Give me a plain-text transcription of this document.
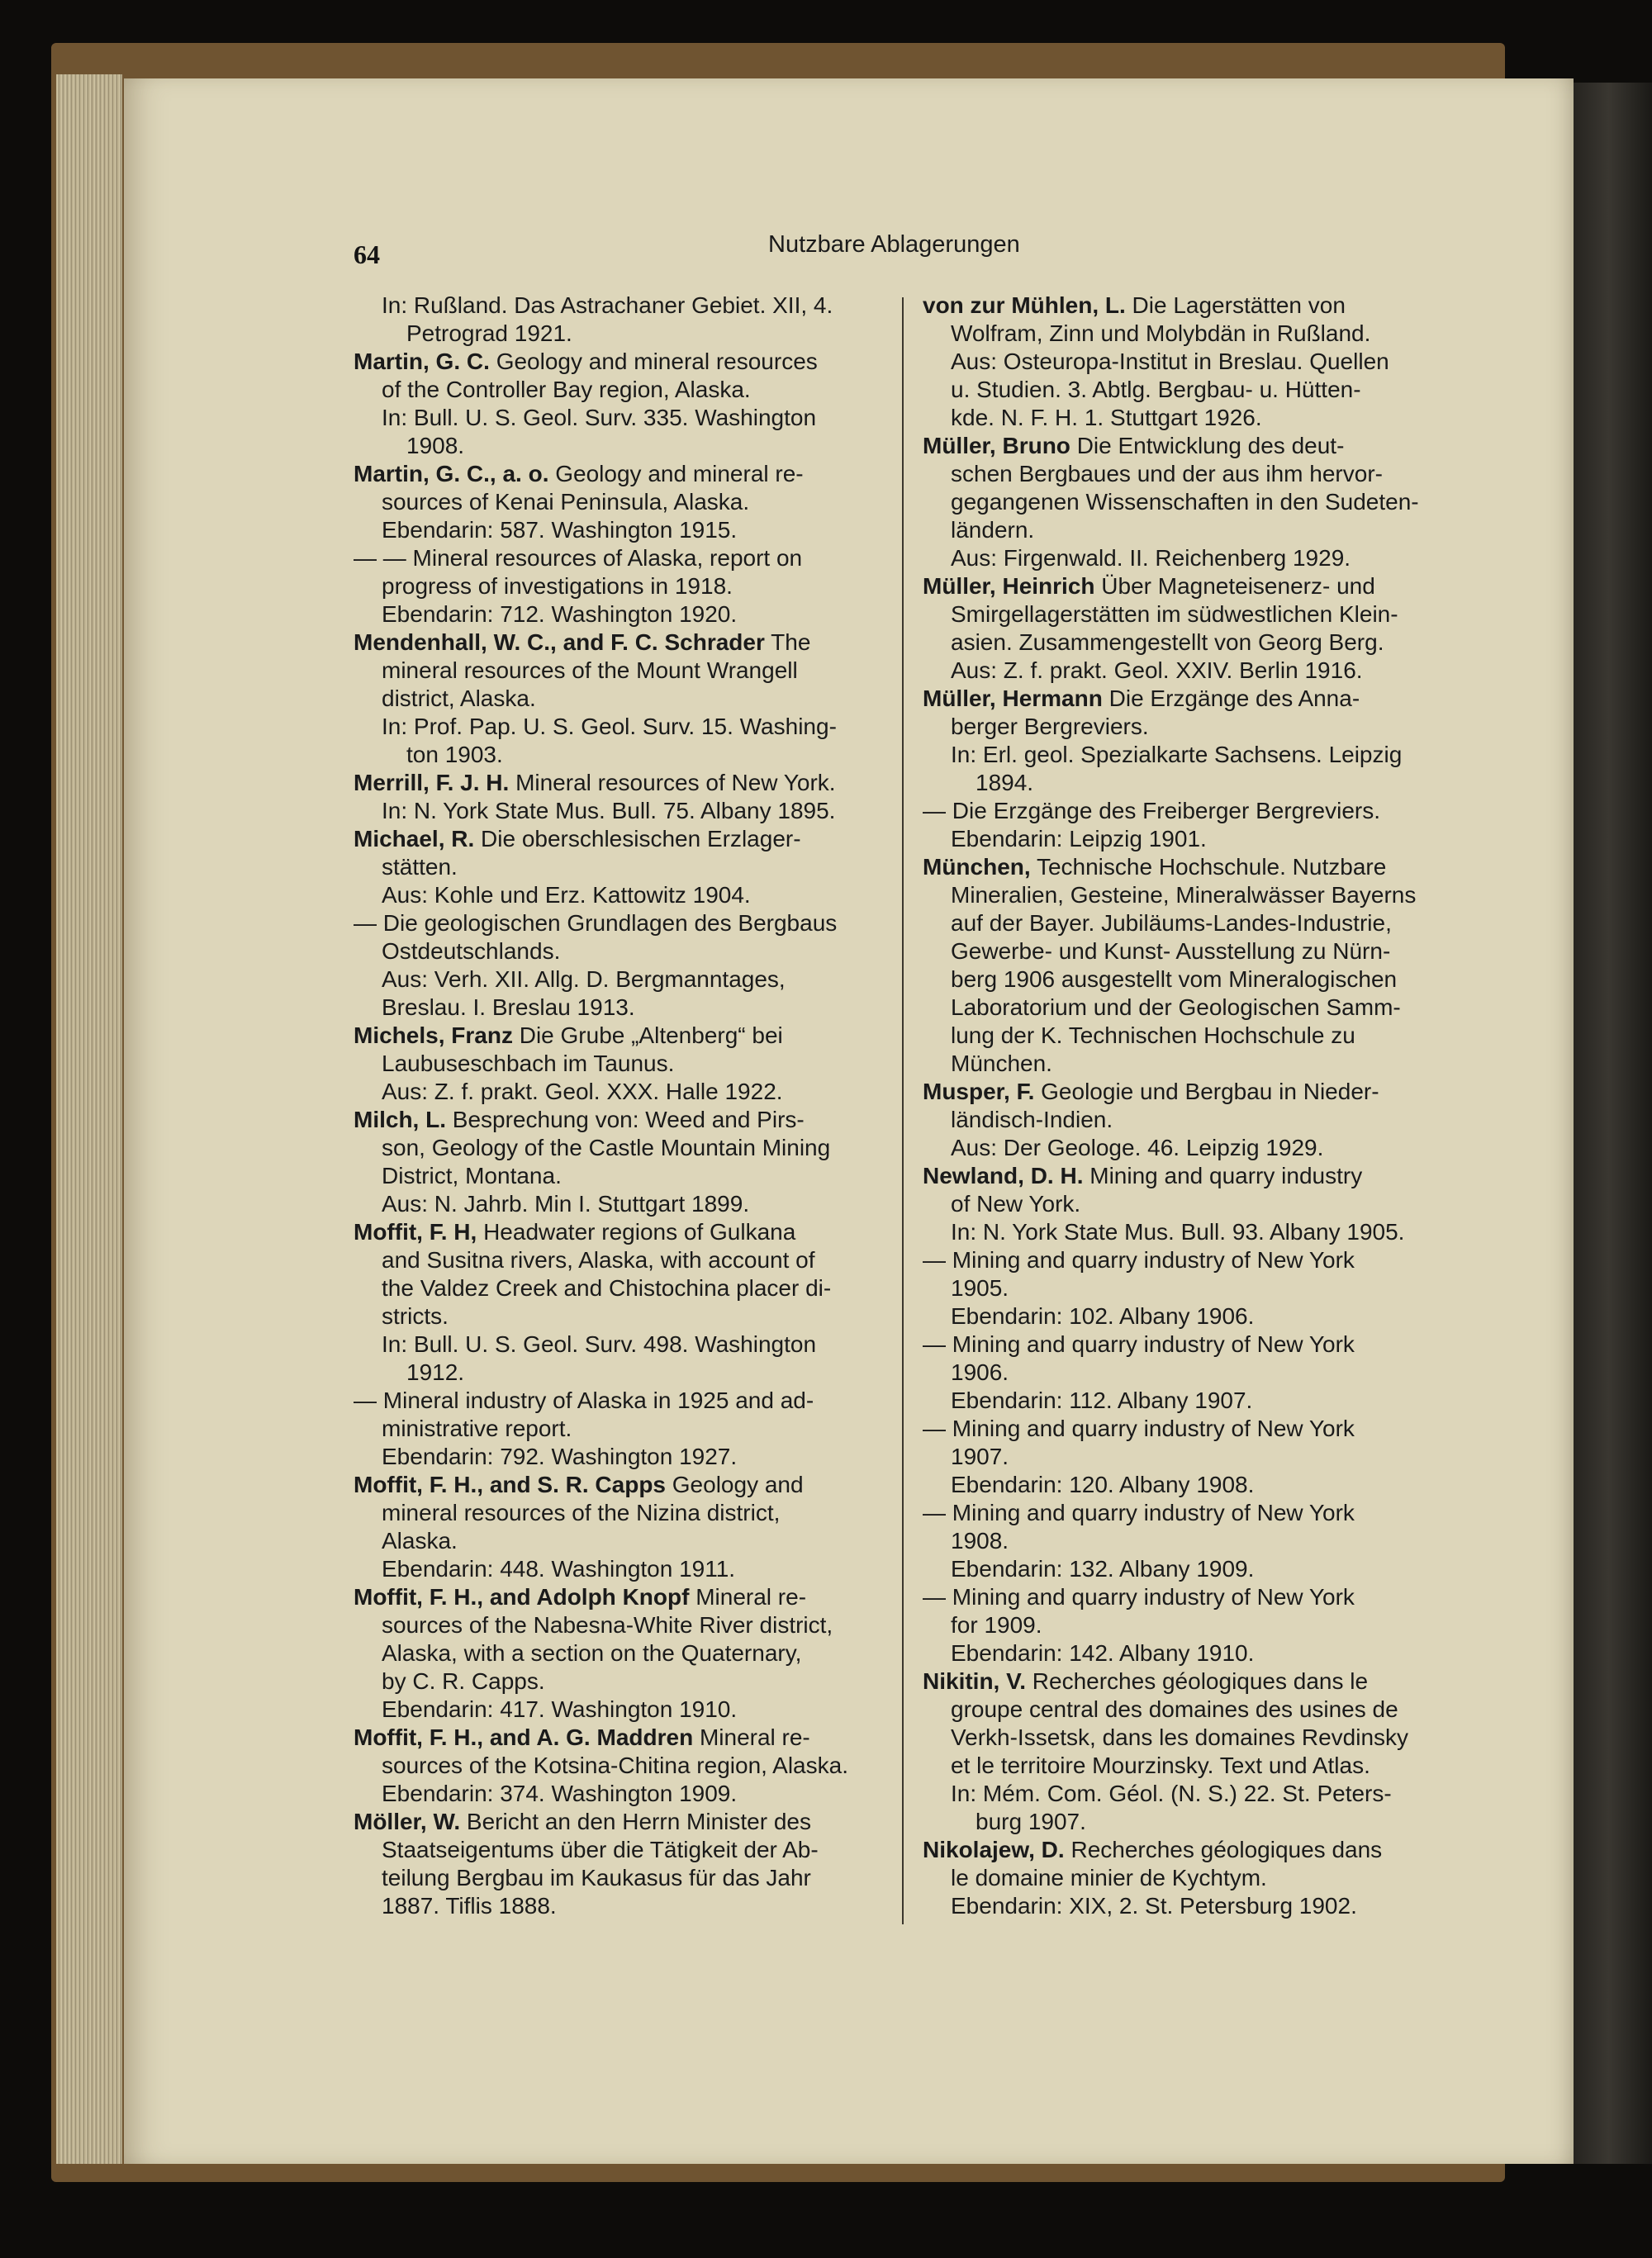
64	Nutzbare Ablagerungen
In: Rußland. Das Astrachaner Gebiet. XII, 4.
Petrograd 1921.
Martin, G. C. Geology and mineral resources
of the Controller Bay region, Alaska.
In: Bull. U. S. Geol. Surv. 335. Washington
1908.
Martin, G. C., a. o. Geology and mineral re-
sources of Kenai Peninsula, Alaska.
Ebendarin: 587. Washington 1915.
— — Mineral resources of Alaska, report on
progress of investigations in 1918.
Ebendarin: 712. Washington 1920.
Mendenhall, W. C., and F. C. Schrader The
mineral resources of the Mount Wrangell
district, Alaska.
In: Prof. Pap. U. S. Geol. Surv. 15. Washing-
ton 1903.
Merrill, F. J. H. Mineral resources of New York.
In: N. York State Mus. Bull. 75. Albany 1895.
Michael, R. Die oberschlesischen Erzlager-
stätten.
Aus: Kohle und Erz. Kattowitz 1904.
— Die geologischen Grundlagen des Bergbaus
Ostdeutschlands.
Aus: Verh. XII. Allg. D. Bergmanntages,
Breslau. I. Breslau 1913.
Michels, Franz Die Grube „Altenberg“ bei
Laubuseschbach im Taunus.
Aus: Z. f. prakt. Geol. XXX. Halle 1922.
Milch, L. Besprechung von: Weed and Pirs-
son, Geology of the Castle Mountain Mining
District, Montana.
Aus: N. Jahrb. Min I. Stuttgart 1899.
Moffit, F. H, Headwater regions of Gulkana
and Susitna rivers, Alaska, with account of
the Valdez Creek and Chistochina placer di-
stricts.
In: Bull. U. S. Geol. Surv. 498. Washington
1912.
— Mineral industry of Alaska in 1925 and ad-
ministrative report.
Ebendarin: 792. Washington 1927.
Moffit, F. H., and S. R. Capps Geology and
mineral resources of the Nizina district,
Alaska.
Ebendarin: 448. Washington 1911.
Moffit, F. H., and Adolph Knopf Mineral re-
sources of the Nabesna-White River district,
Alaska, with a section on the Quaternary,
by C. R. Capps.
Ebendarin: 417. Washington 1910.
Moffit, F. H., and A. G. Maddren Mineral re-
sources of the Kotsina-Chitina region, Alaska.
Ebendarin: 374. Washington 1909.
Möller, W. Bericht an den Herrn Minister des
Staatseigentums über die Tätigkeit der Ab-
teilung Bergbau im Kaukasus für das Jahr
1887. Tiflis 1888.
von zur Mühlen, L. Die Lagerstätten von
Wolfram, Zinn und Molybdän in Rußland.
Aus: Osteuropa-Institut in Breslau. Quellen
u. Studien. 3. Abtlg. Bergbau- u. Hütten-
kde. N. F. H. 1. Stuttgart 1926.
Müller, Bruno Die Entwicklung des deut-
schen Bergbaues und der aus ihm hervor-
gegangenen Wissenschaften in den Sudeten-
ländern.
Aus: Firgenwald. II. Reichenberg 1929.
Müller, Heinrich Über Magneteisenerz- und
Smirgellagerstätten im südwestlichen Klein-
asien. Zusammengestellt von Georg Berg.
Aus: Z. f. prakt. Geol. XXIV. Berlin 1916.
Müller, Hermann Die Erzgänge des Anna-
berger Bergreviers.
In: Erl. geol. Spezialkarte Sachsens. Leipzig
1894.
— Die Erzgänge des Freiberger Bergreviers.
Ebendarin: Leipzig 1901.
München, Technische Hochschule. Nutzbare
Mineralien, Gesteine, Mineralwässer Bayerns
auf der Bayer. Jubiläums-Landes-Industrie,
Gewerbe- und Kunst- Ausstellung zu Nürn-
berg 1906 ausgestellt vom Mineralogischen
Laboratorium und der Geologischen Samm-
lung der K. Technischen Hochschule zu
München.
Musper, F. Geologie und Bergbau in Nieder-
ländisch-Indien.
Aus: Der Geologe. 46. Leipzig 1929.
Newland, D. H. Mining and quarry industry
of New York.
In: N. York State Mus. Bull. 93. Albany 1905.
— Mining and quarry industry of New York
1905.
Ebendarin: 102. Albany 1906.
— Mining and quarry industry of New York
1906.
Ebendarin: 112. Albany 1907.
— Mining and quarry industry of New York
1907.
Ebendarin: 120. Albany 1908.
— Mining and quarry industry of New York
1908.
Ebendarin: 132. Albany 1909.
— Mining and quarry industry of New York
for 1909.
Ebendarin: 142. Albany 1910.
Nikitin, V. Recherches géologiques dans le
groupe central des domaines des usines de
Verkh-Issetsk, dans les domaines Revdinsky
et le territoire Mourzinsky. Text und Atlas.
In: Mém. Com. Géol. (N. S.) 22. St. Peters-
burg 1907.
Nikolajew, D. Recherches géologiques dans
le domaine minier de Kychtym.
Ebendarin: XIX, 2. St. Petersburg 1902.
